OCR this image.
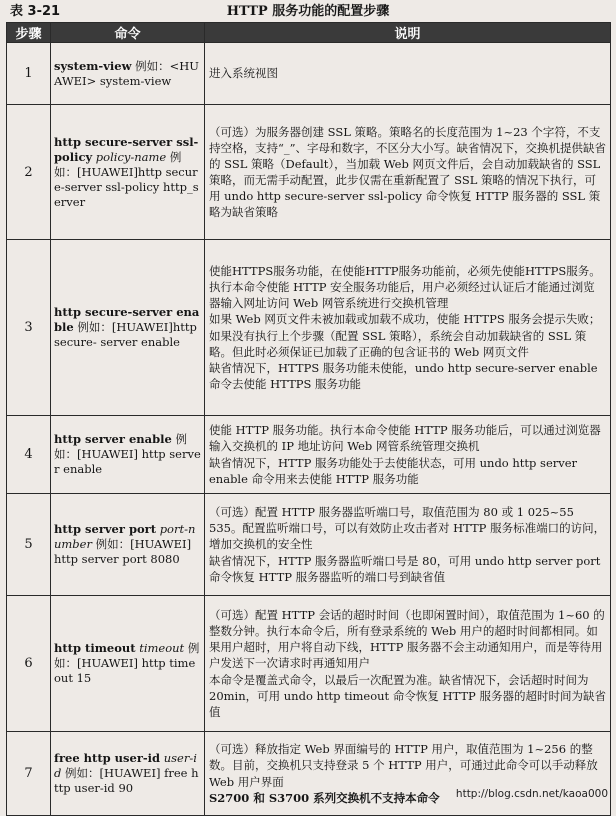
表 3-21	HTTP 服务功能的配置步骤
步骤	命令	说明
1	system-view 例如：<HUAWEI> system-view	进入系统视图

2	http secure-server ssl-policy policy-name 例如：[HUAWEI]http secure-server ssl-policy http_server	（可选）为服务器创建 SSL 策略。策略名的长度范围为 1~23 个字符，不支持空格，支持“_”、字母和数字，不区分大小写。缺省情况下，交换机提供缺省的 SSL 策略（Default），当加载 Web 网页文件后，会自动加载缺省的 SSL 策略，而无需手动配置，此步仅需在重新配置了 SSL 策略的情况下执行，可用 undo http secure-server ssl-policy 命令恢复 HTTP 服务器的 SSL 策略为缺省策略

3	http secure-server enable 例如：[HUAWEI]http secure- server enable	使能HTTPS服务功能，在使能HTTP服务功能前，必须先使能HTTPS服务。执行本命令使能 HTTP 安全服务功能后，用户必须经过认证后才能通过浏览器输入网址访问 Web 网管系统进行交换机管理
如果 Web 网页文件未被加载或加载不成功，使能 HTTPS 服务会提示失败；如果没有执行上个步骤（配置 SSL 策略），系统会自动加载缺省的 SSL 策略。但此时必须保证已加载了正确的包含证书的 Web 网页文件
缺省情况下，HTTPS 服务功能未使能，undo http secure-server enable 命令去使能 HTTPS 服务功能

4	http server enable 例如：[HUAWEI] http server enable	使能 HTTP 服务功能。执行本命令使能 HTTP 服务功能后，可以通过浏览器输入交换机的 IP 地址访问 Web 网管系统管理交换机
缺省情况下，HTTP 服务功能处于去使能状态，可用 undo http server enable 命令用来去使能 HTTP 服务功能

5	http server port port-number 例如：[HUAWEI] http server port 8080	（可选）配置 HTTP 服务器监听端口号，取值范围为 80 或 1 025~55 535。配置监听端口号，可以有效防止攻击者对 HTTP 服务标准端口的访问，增加交换机的安全性
缺省情况下，HTTP 服务器监听端口号是 80，可用 undo http server port 命令恢复 HTTP 服务器监听的端口号到缺省值

6	http timeout timeout 例如：[HUAWEI] http timeout 15	（可选）配置 HTTP 会话的超时时间（也即闲置时间），取值范围为 1~60 的整数分钟。执行本命令后，所有登录系统的 Web 用户的超时时间都相同。如果用户超时，用户将自动下线，HTTP 服务器不会主动通知用户，而是等待用户发送下一次请求时再通知用户
本命令是覆盖式命令，以最后一次配置为准。缺省情况下，会话超时时间为 20min，可用 undo http timeout 命令恢复 HTTP 服务器的超时时间为缺省值

7	free http user-id user-id 例如：[HUAWEI] free http user-id 90	（可选）释放指定 Web 界面编号的 HTTP 用户，取值范围为 1~256 的整数。目前，交换机只支持登录 5 个 HTTP 用户，可通过此命令可以手动释放 Web 用户界面
S2700 和 S3700 系列交换机不支持本命令	http://blog.csdn.net/kaoa000
